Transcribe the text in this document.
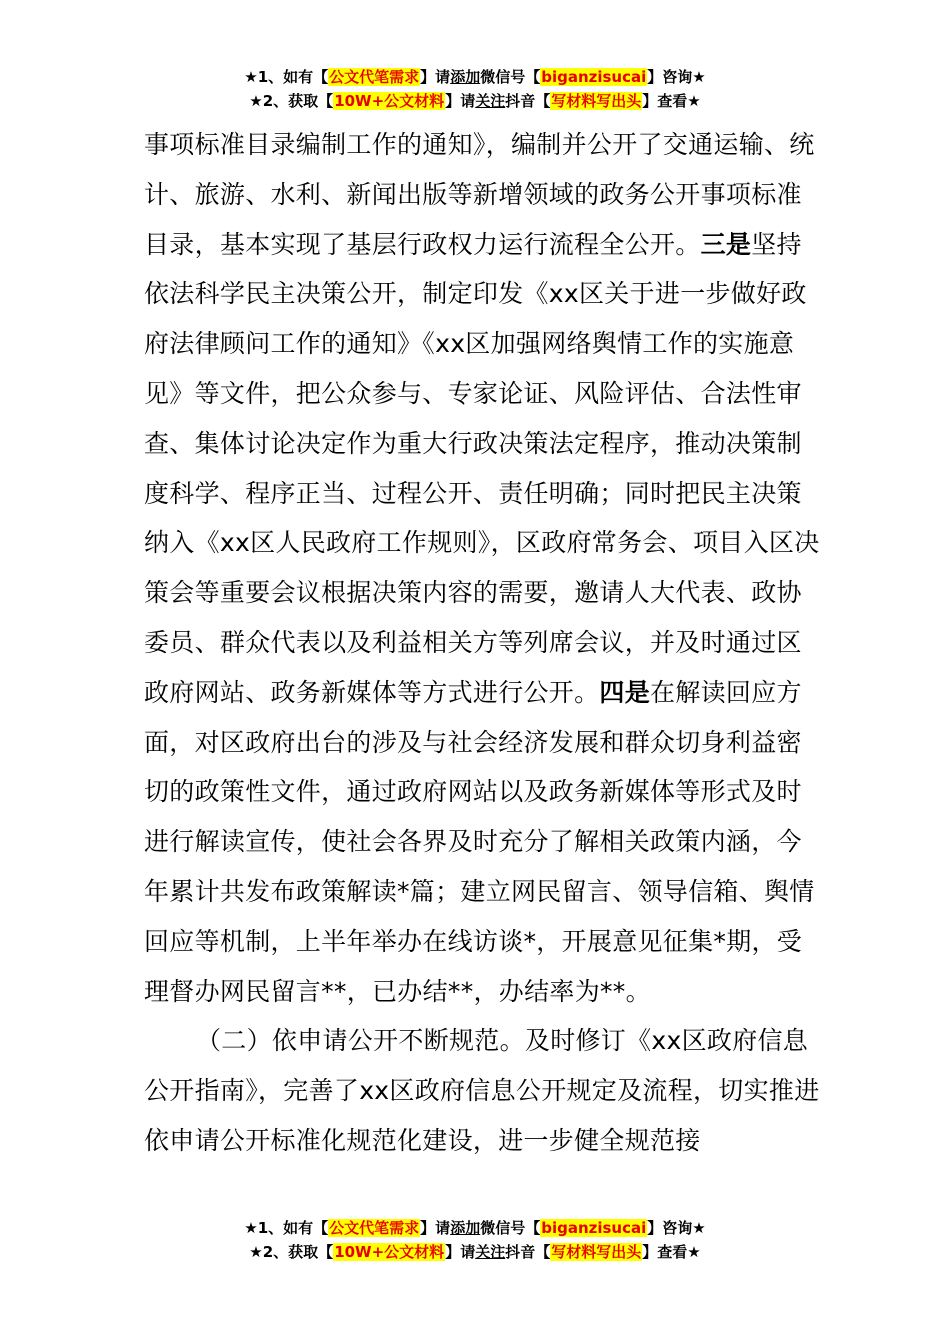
★1、如有【公文代笔需求】请添加微信号【biganzisucai】咨询★
★2、获取【10W+公文材料】请关注抖音【写材料写出头】查看★

事项标准目录编制工作的通知》，编制并公开了交通运输、统计、旅游、水利、新闻出版等新增领域的政务公开事项标准目录，基本实现了基层行政权力运行流程全公开。三是坚持依法科学民主决策公开，制定印发《xx区关于进一步做好政府法律顾问工作的通知》《xx区加强网络舆情工作的实施意见》等文件，把公众参与、专家论证、风险评估、合法性审查、集体讨论决定作为重大行政决策法定程序，推动决策制度科学、程序正当、过程公开、责任明确；同时把民主决策纳入《xx区人民政府工作规则》，区政府常务会、项目入区决策会等重要会议根据决策内容的需要，邀请人大代表、政协委员、群众代表以及利益相关方等列席会议，并及时通过区政府网站、政务新媒体等方式进行公开。四是在解读回应方面，对区政府出台的涉及与社会经济发展和群众切身利益密切的政策性文件，通过政府网站以及政务新媒体等形式及时进行解读宣传，使社会各界及时充分了解相关政策内涵，今年累计共发布政策解读*篇；建立网民留言、领导信箱、舆情回应等机制，上半年举办在线访谈*，开展意见征集*期，受理督办网民留言**，已办结**，办结率为**。

（二）依申请公开不断规范。及时修订《xx区政府信息公开指南》，完善了xx区政府信息公开规定及流程，切实推进依申请公开标准化规范化建设，进一步健全规范接

★1、如有【公文代笔需求】请添加微信号【biganzisucai】咨询★
★2、获取【10W+公文材料】请关注抖音【写材料写出头】查看★
